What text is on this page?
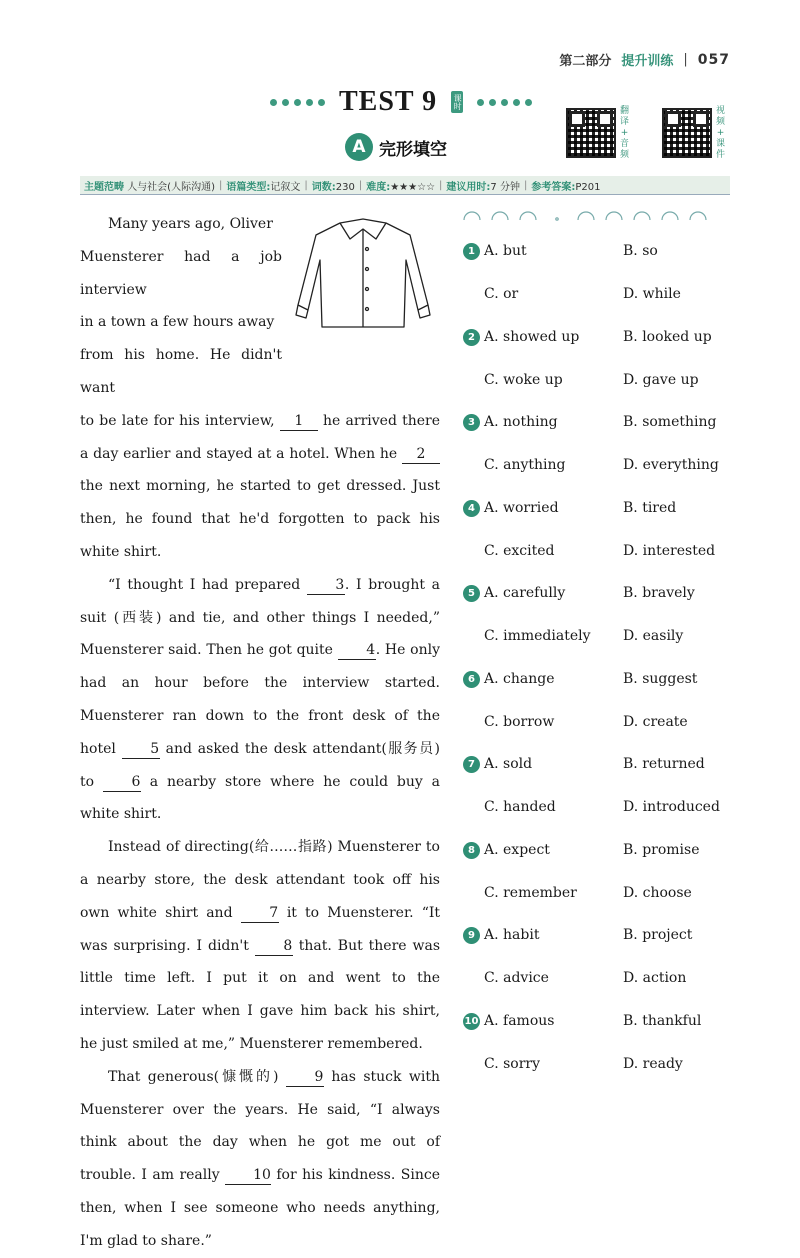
第二部分 提升训练 | 057
TEST 9 课时
A 完形填空
翻
译
+
音
频
视
频
+
课
件
主题范畴 人与社会(人际沟通) | 语篇类型:记叙文 | 词数:230 | 难度:★★★☆☆ | 建议用时:7 分钟 | 参考答案:P201

Many years ago, Oliver

Muensterer had a job interview

in a town a few hours away

from his home. He didn't want

to be late for his interview, 1 he arrived there a day earlier and stayed at a hotel. When he 2 the next morning, he started to get dressed. Just then, he found that he'd forgotten to pack his white shirt.

“I thought I had prepared	3. I brought a suit (西装) and tie, and other things I needed,” Muensterer said. Then he got quite 4. He only had an hour before the interview started. Muensterer ran down to the front desk of the hotel 5 and asked the desk attendant(服务员) to	6 a nearby store where he could buy a white shirt.

Instead of directing(给……指路) Muensterer to a nearby store, the desk attendant took off his own white shirt and	7 it to Muensterer. “It was surprising. I didn't 8 that. But there was little time left. I put it on and went to the interview. Later when I gave him back his shirt, he just smiled at me,” Muensterer remembered.

That generous(慷慨的)	9 has stuck with Muensterer over the years. He said, “I always think about the day when he got me out of trouble. I am really 10 for his kindness. Since then, when I see someone who needs anything, I'm glad to share.”

1 A. but	B. so
C. or	D. while
2 A. showed up	B. looked up
C. woke up	D. gave up
3 A. nothing	B. something
C. anything	D. everything
4 A. worried	B. tired
C. excited	D. interested
5 A. carefully	B. bravely
C. immediately D. easily
6 A. change	B. suggest
C. borrow	D. create
7 A. sold	B. returned
C. handed	D. introduced
8 A. expect	B. promise
C. remember	D. choose
9 A. habit	B. project
C. advice	D. action
10 A. famous	B. thankful
C. sorry	D. ready
